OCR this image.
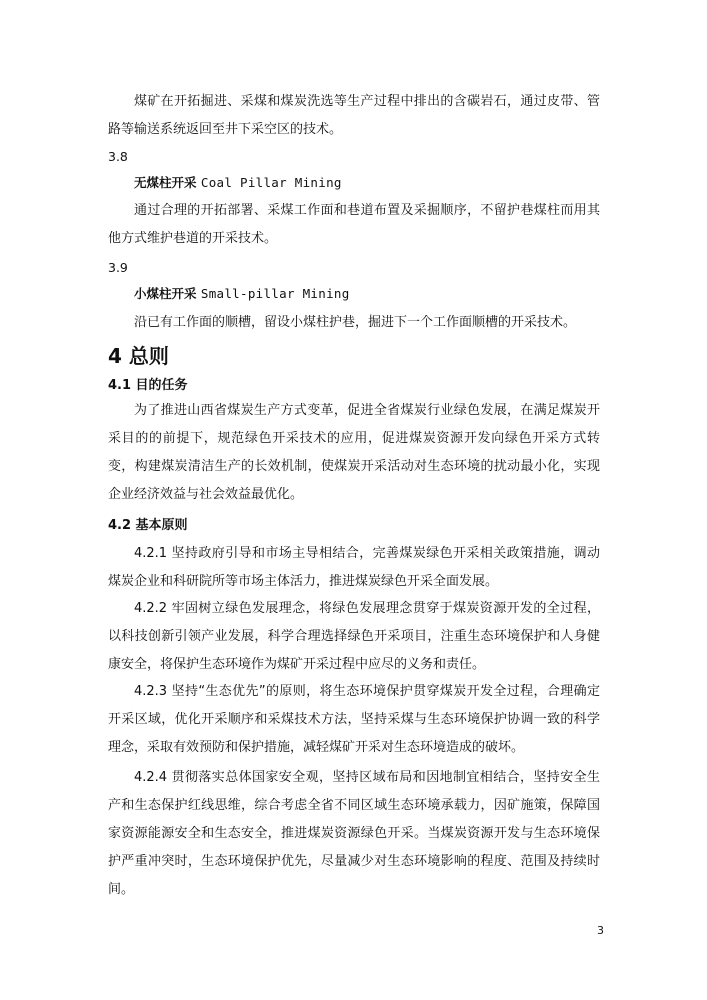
煤矿在开拓掘进、采煤和煤炭洗选等生产过程中排出的含碳岩石，通过皮带、管路等输送系统返回至井下采空区的技术。

3.8

无煤柱开采 Coal Pillar Mining

通过合理的开拓部署、采煤工作面和巷道布置及采掘顺序，不留护巷煤柱而用其他方式维护巷道的开采技术。

3.9

小煤柱开采 Small-pillar Mining

沿已有工作面的顺槽，留设小煤柱护巷，掘进下一个工作面顺槽的开采技术。

4 总则

4.1 目的任务

为了推进山西省煤炭生产方式变革，促进全省煤炭行业绿色发展，在满足煤炭开采目的的前提下，规范绿色开采技术的应用，促进煤炭资源开发向绿色开采方式转变，构建煤炭清洁生产的长效机制，使煤炭开采活动对生态环境的扰动最小化，实现企业经济效益与社会效益最优化。

4.2 基本原则

4.2.1 坚持政府引导和市场主导相结合，完善煤炭绿色开采相关政策措施，调动煤炭企业和科研院所等市场主体活力，推进煤炭绿色开采全面发展。

4.2.2 牢固树立绿色发展理念，将绿色发展理念贯穿于煤炭资源开发的全过程，以科技创新引领产业发展，科学合理选择绿色开采项目，注重生态环境保护和人身健康安全，将保护生态环境作为煤矿开采过程中应尽的义务和责任。

4.2.3 坚持“生态优先”的原则，将生态环境保护贯穿煤炭开发全过程，合理确定开采区域，优化开采顺序和采煤技术方法，坚持采煤与生态环境保护协调一致的科学理念，采取有效预防和保护措施，减轻煤矿开采对生态环境造成的破坏。

4.2.4 贯彻落实总体国家安全观，坚持区域布局和因地制宜相结合，坚持安全生产和生态保护红线思维，综合考虑全省不同区域生态环境承载力，因矿施策，保障国家资源能源安全和生态安全，推进煤炭资源绿色开采。当煤炭资源开发与生态环境保护严重冲突时，生态环境保护优先，尽量减少对生态环境影响的程度、范围及持续时间。

3
